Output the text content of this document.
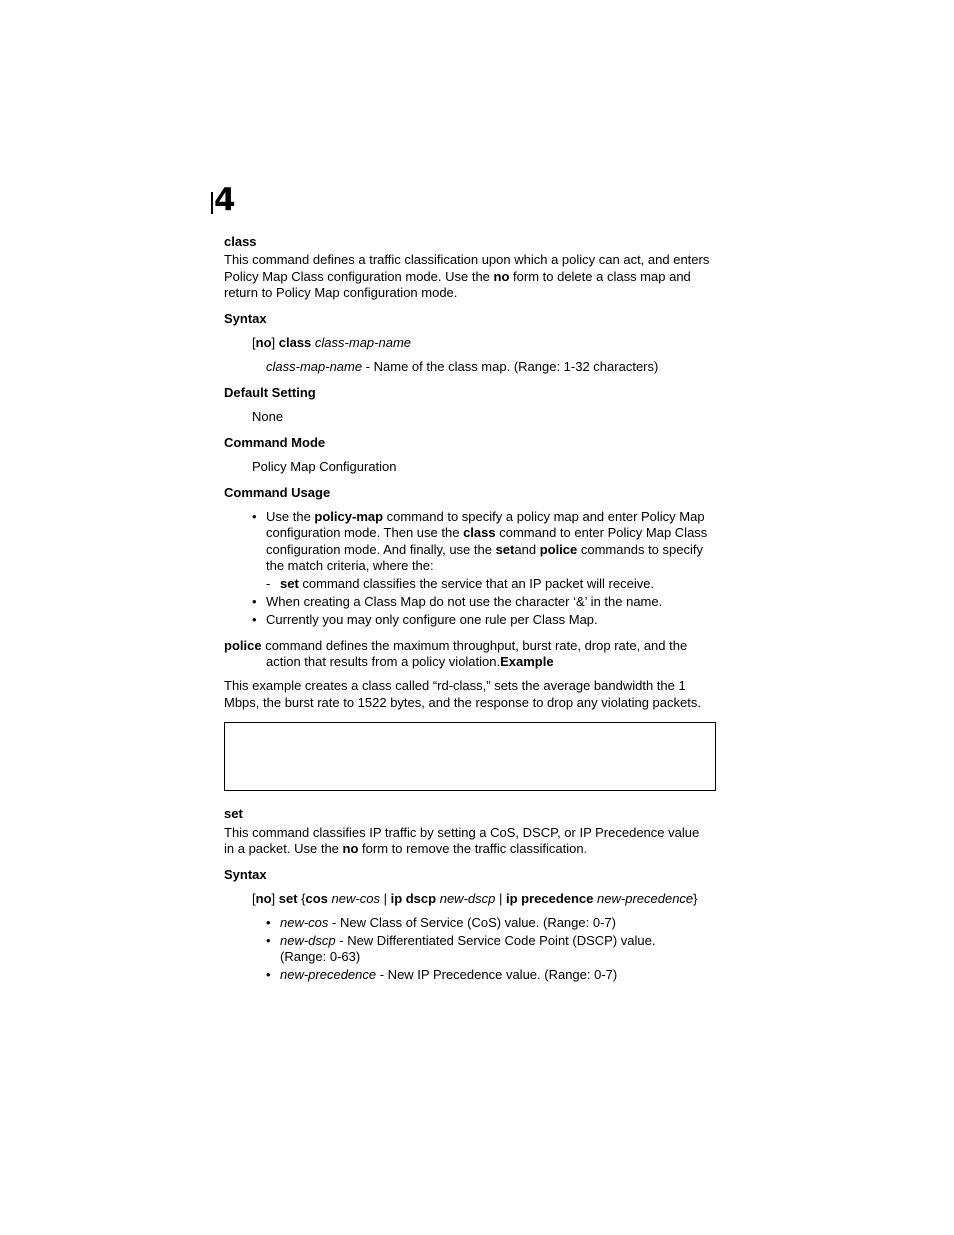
4
class
This command defines a traffic classification upon which a policy can act, and enters
Policy Map Class configuration mode. Use the no form to delete a class map and
return to Policy Map configuration mode.
Syntax
[no] class class-map-name
class-map-name - Name of the class map. (Range: 1-32 characters)
Default Setting
None
Command Mode
Policy Map Configuration
Command Usage
• Use the policy-map command to specify a policy map and enter Policy Map
configuration mode. Then use the class command to enter Policy Map Class
configuration mode. And finally, use the setand police commands to specify
the match criteria, where the:
- set command classifies the service that an IP packet will receive.
• When creating a Class Map do not use the character ‘&’ in the name.
• Currently you may only configure one rule per Class Map.
police command defines the maximum throughput, burst rate, drop rate, and the
action that results from a policy violation.Example
This example creates a class called “rd-class,” sets the average bandwidth the 1
Mbps, the burst rate to 1522 bytes, and the response to drop any violating packets.
set
This command classifies IP traffic by setting a CoS, DSCP, or IP Precedence value
in a packet. Use the no form to remove the traffic classification.
Syntax
[no] set {cos new-cos | ip dscp new-dscp | ip precedence new-precedence}
• new-cos - New Class of Service (CoS) value. (Range: 0-7)
• new-dscp - New Differentiated Service Code Point (DSCP) value.
(Range: 0-63)
• new-precedence - New IP Precedence value. (Range: 0-7)
